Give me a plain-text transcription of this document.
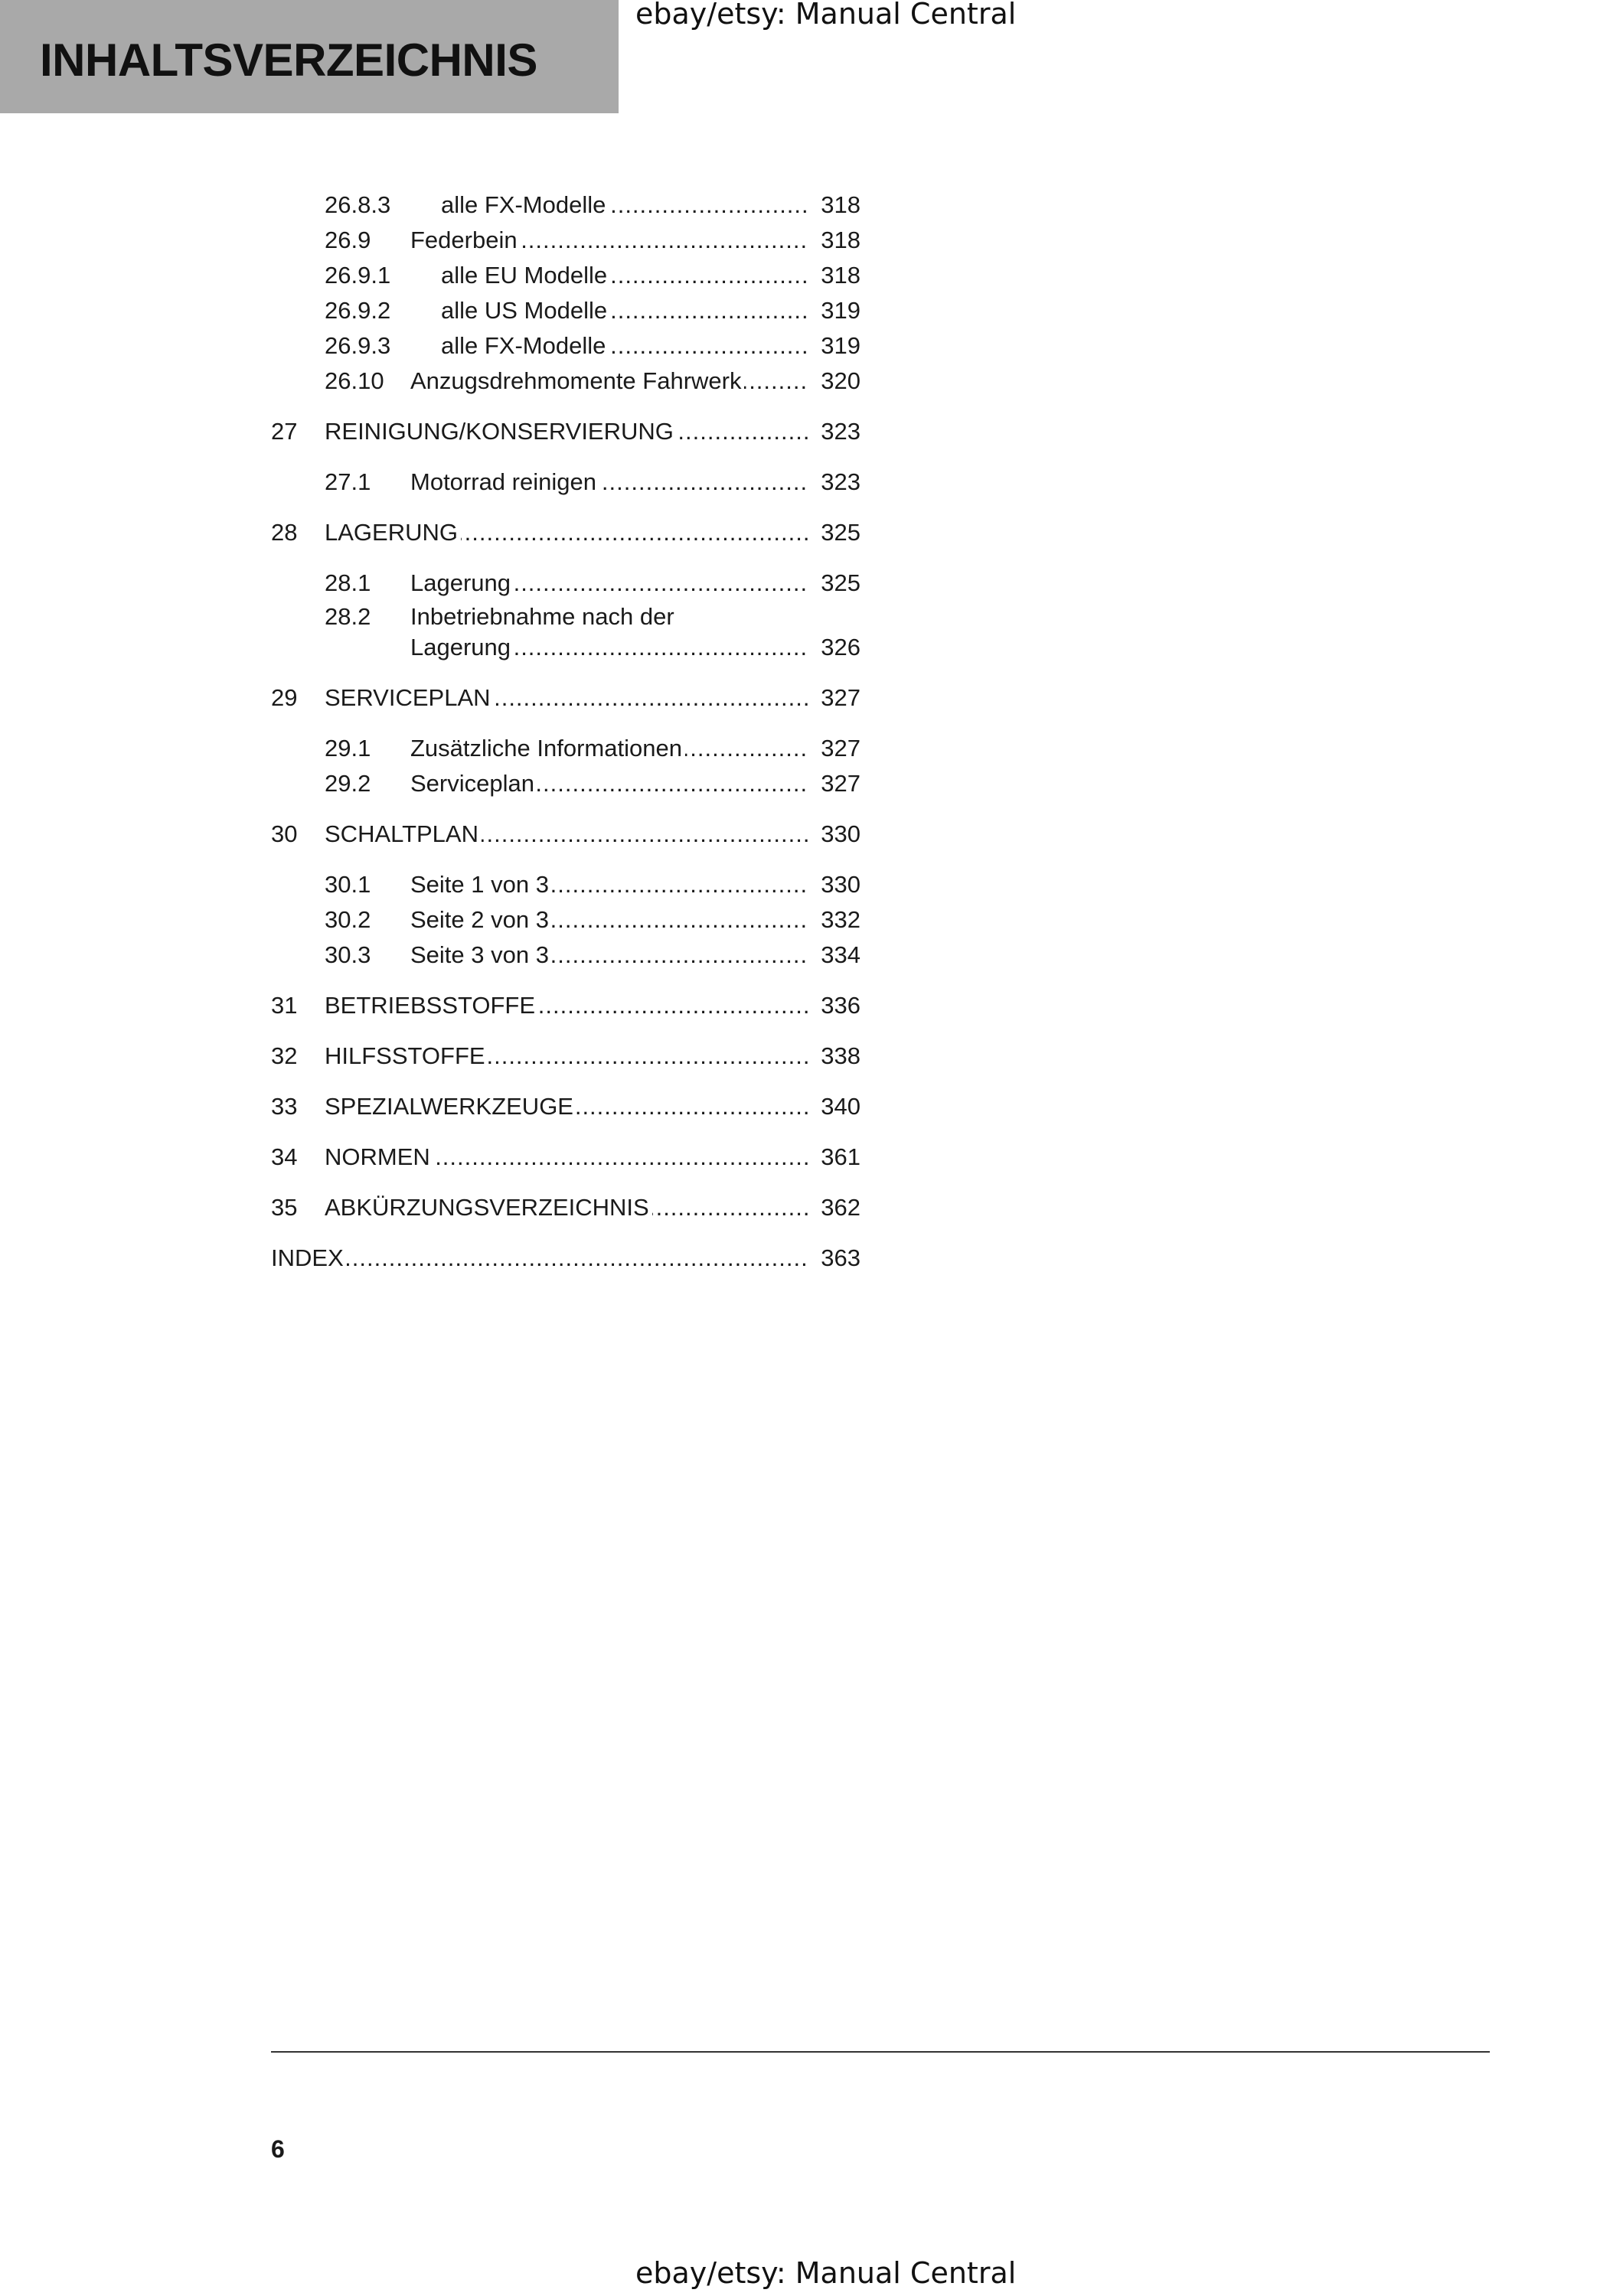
INHALTSVERZEICHNIS
ebay/etsy: Manual Central
26.8.3 alle FX-Modelle .....	318
26.9 Federbein .....	318
26.9.1 alle EU Modelle .....	318
26.9.2 alle US Modelle .....	319
26.9.3 alle FX-Modelle .....	319
26.10 Anzugsdrehmomente Fahrwerk .....	320
27 REINIGUNG/KONSERVIERUNG .....	323
27.1 Motorrad reinigen .....	323
28 LAGERUNG .....	325
28.1 Lagerung .....	325
28.2 Inbetriebnahme nach der
Lagerung .....	326
29 SERVICEPLAN .....	327
29.1 Zusätzliche Informationen .....	327
29.2 Serviceplan .....	327
30 SCHALTPLAN .....	330
30.1 Seite 1 von 3 .....	330
30.2 Seite 2 von 3 .....	332
30.3 Seite 3 von 3 .....	334
31 BETRIEBSSTOFFE .....	336
32 HILFSSTOFFE .....	338
33 SPEZIALWERKZEUGE .....	340
34 NORMEN .....	361
35 ABKÜRZUNGSVERZEICHNIS .....	362
INDEX .....	363
6
ebay/etsy: Manual Central
